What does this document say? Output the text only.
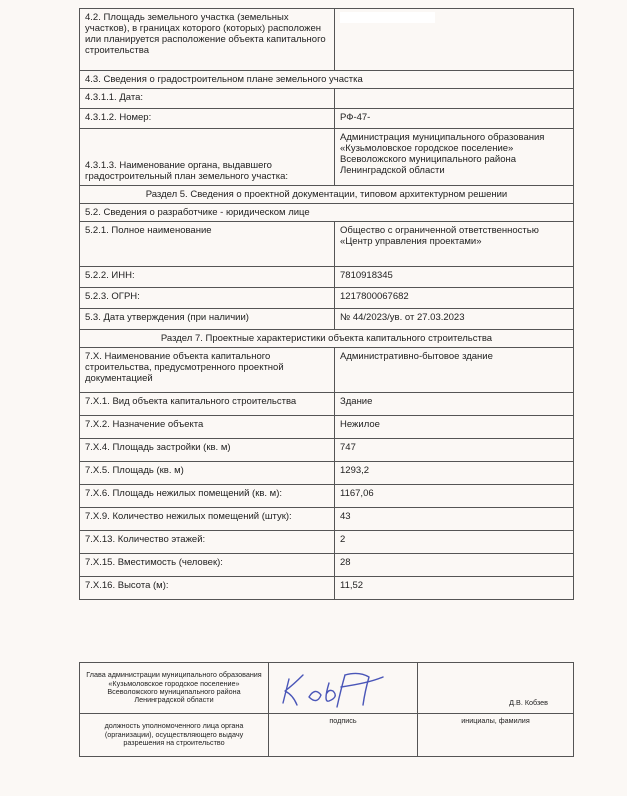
4.2. Площадь земельного участка (земельных участков), в границах которого (которых) расположен или планируется расположение объекта капитального строительства	
4.3. Сведения о градостроительном плане земельного участка	
4.3.1.1. Дата:	
4.3.1.2. Номер:	РФ-47-
4.3.1.3. Наименование органа, выдавшего градостроительный план земельного участка:	Администрация муниципального образования «Кузьмоловское городское поселение» Всеволожского муниципального района Ленинградской области
Раздел 5. Сведения о проектной документации, типовом архитектурном решении	
5.2. Сведения о разработчике - юридическом лице	
5.2.1. Полное наименование	Общество с ограниченной ответственностью «Центр управления проектами»
5.2.2. ИНН:	7810918345
5.2.3. ОГРН:	1217800067682
5.3. Дата утверждения (при наличии)	№ 44/2023/ув. от 27.03.2023
Раздел 7. Проектные характеристики объекта капитального строительства	
7.X. Наименование объекта капитального строительства, предусмотренного проектной документацией	Административно-бытовое здание
7.X.1. Вид объекта капитального строительства	Здание
7.X.2. Назначение объекта	Нежилое
7.X.4. Площадь застройки (кв. м)	747
7.X.5. Площадь (кв. м)	1293,2
7.X.6. Площадь нежилых помещений (кв. м):	1167,06
7.X.9. Количество нежилых помещений (штук):	43
7.X.13. Количество этажей:	2
7.X.15. Вместимость (человек):	28
7.X.16. Высота (м):	11,52
Глава администрации муниципального образования «Кузьмоловское городское поселение» Всеволожского муниципального района Ленинградской области		Д.В. Кобзев

должность уполномоченного лица органа (организации), осуществляющего выдачу разрешения на строительство	подпись	инициалы, фамилия
